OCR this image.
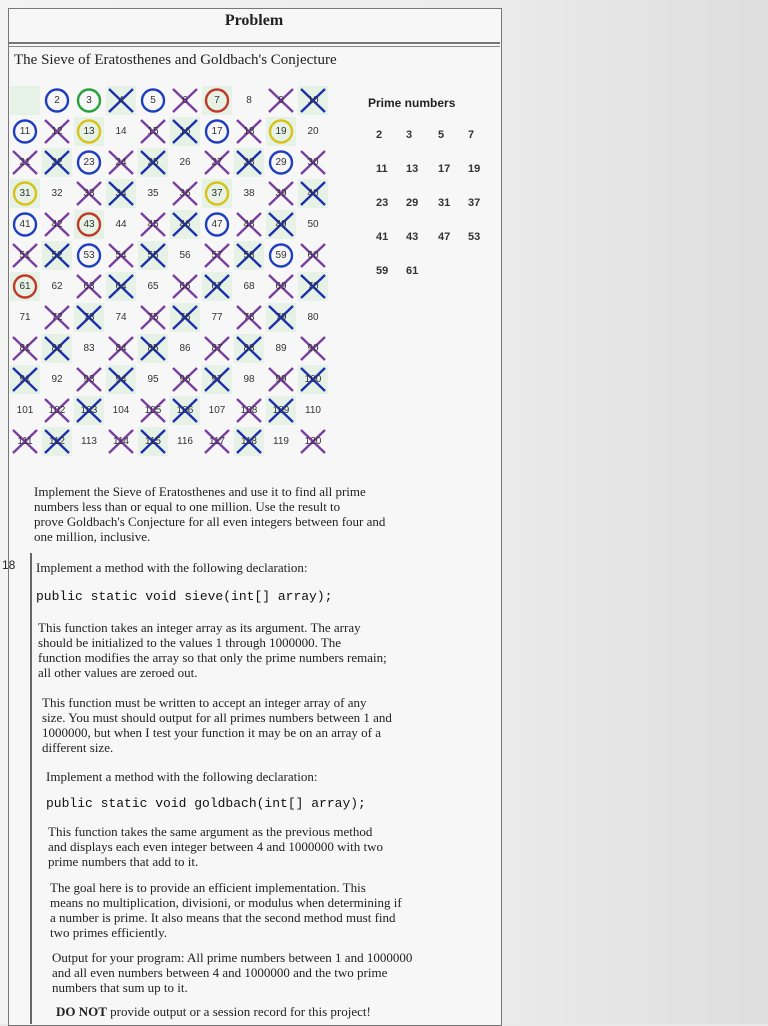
Problem
The Sieve of Eratosthenes and Goldbach's Conjecture
2	3	4	5	6	7	8	9 10
11 12 13 14 15 16 17 18 19 20
21 22 23 24 25 26 27 28 29 30
31 32 33 34 35 36 37 38 39 40
41 42 43 44 45 46 47 48 49 50
51 52 53 54 55 56 57 58 59 60
61 62 63 64 65 66 67 68 69 70
71 72 73 74 75 76 77 78 79 80
81 82 83 84 85 86 87 88 89 90
91 92 93 94 95 96 97 98 99 100
101 102 103 104 105 106 107 108 109 110
111 112 113 114 115 116 117 118 119 120
Prime numbers
2 3 5 7
11 13 17 19
23 29 31 37
41 43 47 53
59 61
Implement the Sieve of Eratosthenes and use it to find all prime
numbers less than or equal to one million. Use the result to
prove Goldbach's Conjecture for all even integers between four and
one million, inclusive.
18 Implement a method with the following declaration:
public static void sieve(int[] array);
This function takes an integer array as its argument. The array
should be initialized to the values 1 through 1000000. The
function modifies the array so that only the prime numbers remain;
all other values are zeroed out.
This function must be written to accept an integer array of any
size. You must should output for all primes numbers between 1 and
1000000, but when I test your function it may be on an array of a
different size.
Implement a method with the following declaration:
public static void goldbach(int[] array);
This function takes the same argument as the previous method
and displays each even integer between 4 and 1000000 with two
prime numbers that add to it.
The goal here is to provide an efficient implementation. This
means no multiplication, divisioni, or modulus when determining if
a number is prime. It also means that the second method must find
two primes efficiently.
Output for your program: All prime numbers between 1 and 1000000
and all even numbers between 4 and 1000000 and the two prime
numbers that sum up to it.
DO NOT provide output or a session record for this project!
